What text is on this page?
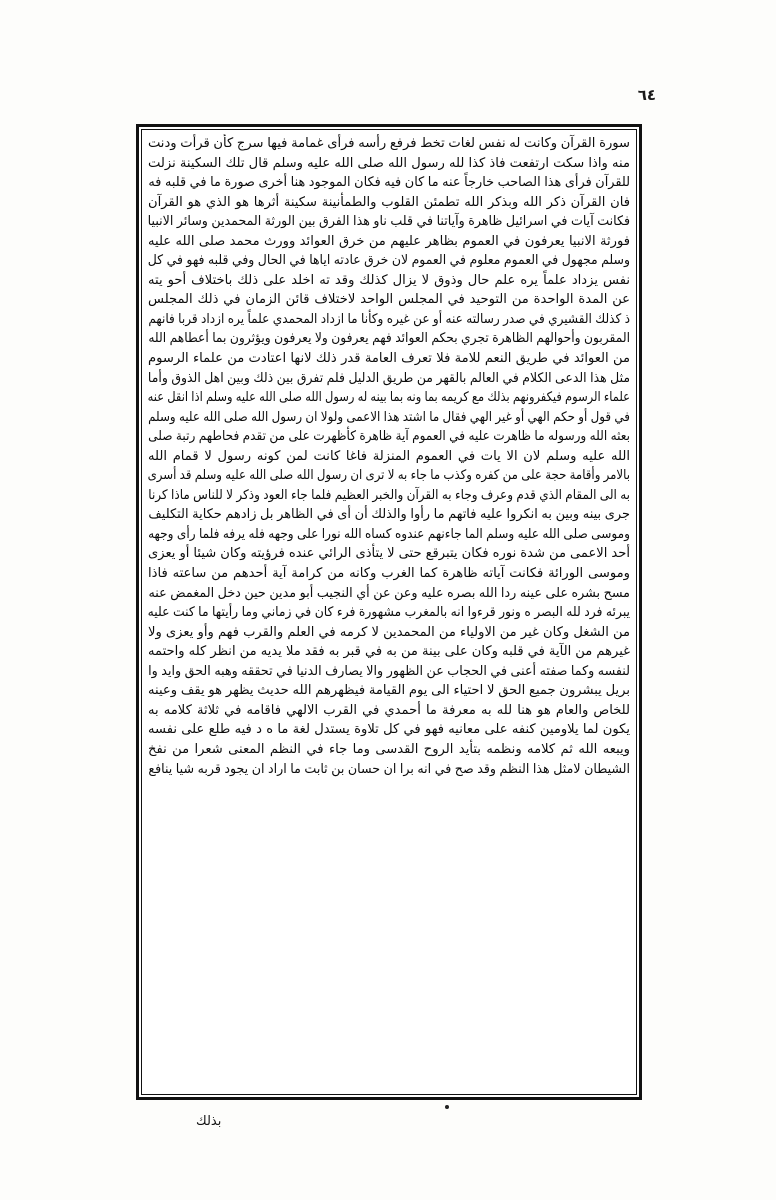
٦٤
سورة القرآن وكانت له نفس لغات تخط فرفع رأسه فرأى غمامة فيها سرج كأن قرأت ودنت
منه واذا سكت ارتفعت فاذ كذا لله رسول الله صلى الله عليه وسلم قال تلك السكينة نزلت
للقرآن فرأى هذا الصاحب خارجاً عنه ما كان فيه فكان الموجود هنا أخرى صورة ما في قلبه فه
فان القرآن ذكر الله وبذكر الله تطمئن القلوب والطمأنينة سكينة أثرها هو الذي هو القرآن
فكانت آيات في اسرائيل ظاهرة وآياتنا في قلب ناو هذا الفرق بين الورثة المحمدين وسائر الانبيا
فورثة الانبيا يعرفون في العموم بظاهر عليهم من خرق العوائد وورث محمد صلى الله عليه
وسلم مجهول في العموم معلوم في العموم لان خرق عادته اياها في الحال وفي قلبه فهو في كل
نفس يزداد علماً يره علم حال وذوق لا يزال كذلك وقد ته اخلد على ذلك باختلاف أحو يته
عن المدة الواحدة من التوحيد في المجلس الواحد لاختلاف قائن الزمان في ذلك المجلس
ذ كذلك القشيري في صدر رسالته عنه أو عن غيره وكأنا ما ازداد المحمدي علماً يره ازداد قربا فانهم
المقربون وأحوالهم الظاهرة تجري بحكم العوائد فهم يعرفون ولا يعرفون ويؤثرون بما أعطاهم الله
من العوائد في طريق النعم للامة فلا تعرف العامة قدر ذلك لانها اعتادت من علماء الرسوم
مثل هذا الدعى الكلام في العالم بالقهر من طريق الدليل فلم تفرق بين ذلك وبين اهل الذوق وأما
علماء الرسوم فيكفرونهم بذلك مع كريمه بما ونه بما بينه له رسول الله صلى الله عليه وسلم اذا انقل عنه
في قول أو حكم الهي أو غير الهي فقال ما اشتد هذا الاعمى ولولا ان رسول الله صلى الله عليه وسلم
بعثه الله ورسوله ما ظاهرت عليه في العموم آية ظاهرة كأظهرت على من تقدم فحاطهم رتبة صلى
الله عليه وسلم لان الا يات في العموم المنزلة فاغا كانت لمن كونه رسول لا قمام الله
بالامر وأقامة حجة على من كفره وكذب ما جاء به لا ترى ان رسول الله صلى الله عليه وسلم قد أسرى
به الى المقام الذي قدم وعرف وجاء به القرآن والخبر العظيم فلما جاء العود وذكر لا للناس ماذا كرنا
جرى بينه وبين به انكروا عليه فاتهم ما رأوا والذلك أن أى في الظاهر بل زادهم حكاية التكليف
وموسى صلى الله عليه وسلم الما جاءنهم عندوه كساه الله نورا على وجهه فله يرفه فلما رأى وجهه
أحد الاعمى من شدة نوره فكان يتبرقع حتى لا يتأذى الرائي عنده فرؤيته وكان شيئا أو يعزى
وموسى الورائة فكانت آياته ظاهرة كما الغرب وكانه من كرامة آية أحدهم من ساعته فاذا
مسح بشره على عينه ردا الله بصره عليه وعن عن أي النجيب أبو مدين حين دخل المغمض عنه
يبرئه فرد لله البصر ه ونور قرءوا انه بالمغرب مشهورة فرء كان في زماني وما رأيتها ما كنت عليه
من الشغل وكان غير من الاولياء من المحمدين لا كرمه في العلم والقرب فهم وأو يعزى ولا
غيرهم من الآية في قلبه وكان على بينة من به في قبر به فقد ملا يديه من انظر كله واحتمه
لنفسه وكما صفته أعنى في الحجاب عن الظهور والا يصارف الدنيا في تحققه وهبه الحق وايد وا
بريل يبشرون جميع الحق لا احتياء الى يوم القيامة فيظهرهم الله حديث يظهر هو يقف وعينه
للخاص والعام هو هنا لله به معرفة ما أحمدي في القرب الالهي فاقامه في ثلاثة كلامه به
يكون لما يلاومين كنفه على معانيه فهو في كل تلاوة يستدل لغة ما ه د فيه طلع على نفسه
ويبعه الله ثم كلامه ونظمه بتأيد الروح القدسى وما جاء في النظم المعنى شعرا من نفخ
الشيطان لامثل هذا النظم وقد صح في انه برا ان حسان بن ثابت ما اراد ان يجود قربه شيا ينافع
بذلك
